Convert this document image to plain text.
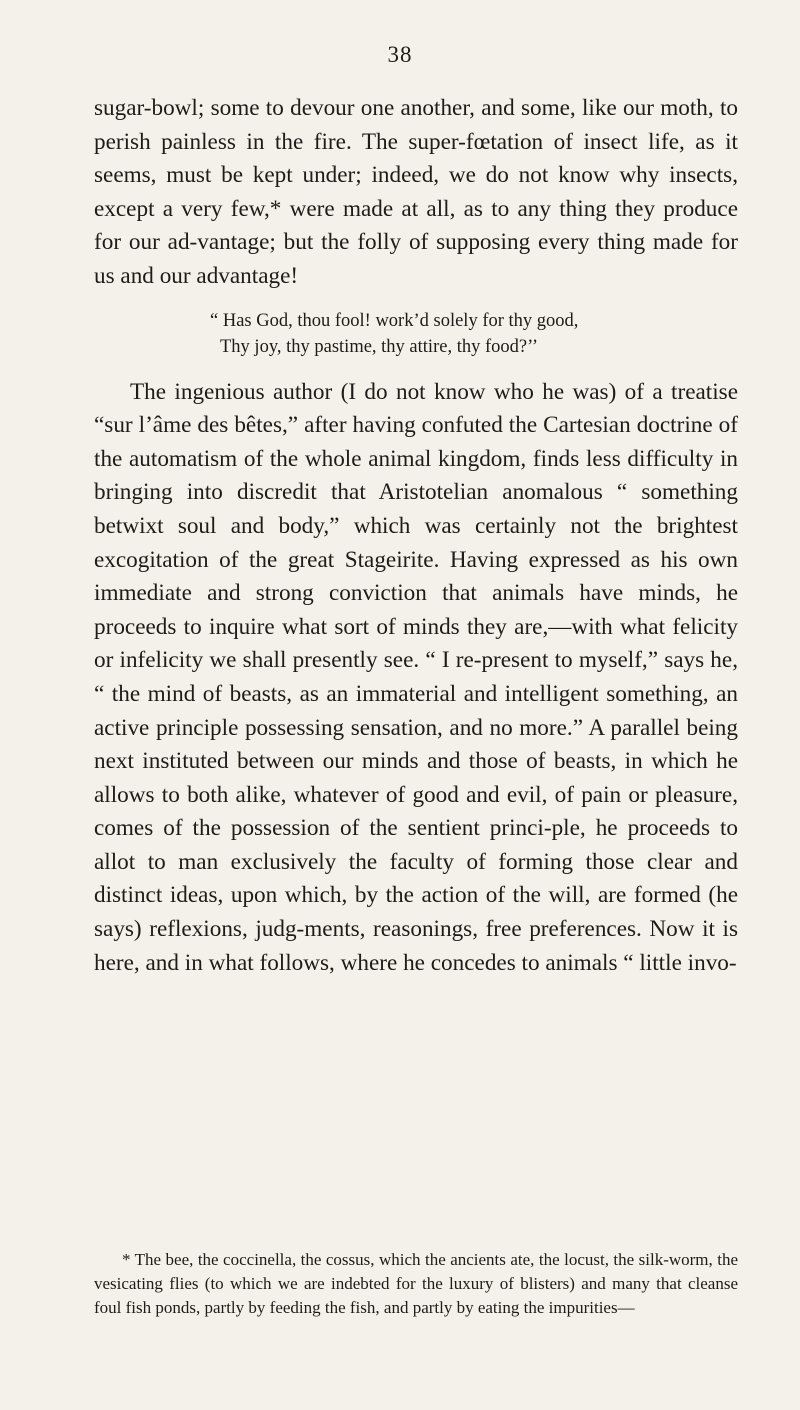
38

sugar-bowl; some to devour one another, and some, like our moth, to perish painless in the fire. The super-fœtation of insect life, as it seems, must be kept under; indeed, we do not know why insects, except a very few,* were made at all, as to any thing they produce for our ad-vantage; but the folly of supposing every thing made for us and our advantage!

“ Has God, thou fool! work’d solely for thy good,

Thy joy, thy pastime, thy attire, thy food?’’

The ingenious author (I do not know who he was) of a treatise “sur l’âme des bêtes,” after having confuted the Cartesian doctrine of the automatism of the whole animal kingdom, finds less difficulty in bringing into discredit that Aristotelian anomalous “ something betwixt soul and body,” which was certainly not the brightest excogitation of the great Stageirite. Having expressed as his own immediate and strong conviction that animals have minds, he proceeds to inquire what sort of minds they are,—with what felicity or infelicity we shall presently see. “ I re-present to myself,” says he, “ the mind of beasts, as an immaterial and intelligent something, an active principle possessing sensation, and no more.” A parallel being next instituted between our minds and those of beasts, in which he allows to both alike, whatever of good and evil, of pain or pleasure, comes of the possession of the sentient princi-ple, he proceeds to allot to man exclusively the faculty of forming those clear and distinct ideas, upon which, by the action of the will, are formed (he says) reflexions, judg-ments, reasonings, free preferences. Now it is here, and in what follows, where he concedes to animals “ little invo-

* The bee, the coccinella, the cossus, which the ancients ate, the locust, the silk-worm, the vesicating flies (to which we are indebted for the luxury of blisters) and many that cleanse foul fish ponds, partly by feeding the fish, and partly by eating the impurities—
